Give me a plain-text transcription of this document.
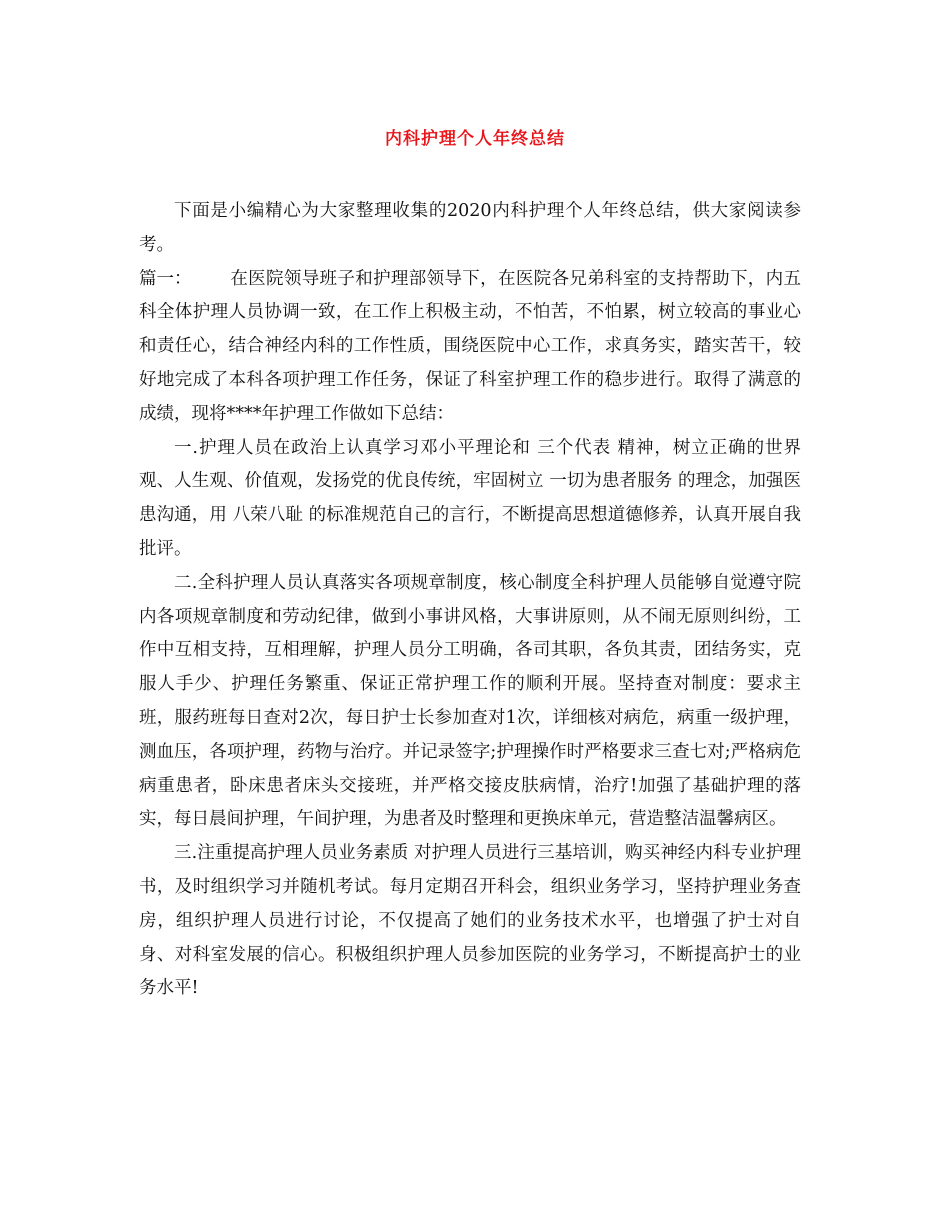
内科护理个人年终总结

下面是小编精心为大家整理收集的2020内科护理个人年终总结，供大家阅读参考。

篇一： 在医院领导班子和护理部领导下，在医院各兄弟科室的支持帮助下，内五科全体护理人员协调一致，在工作上积极主动，不怕苦，不怕累，树立较高的事业心和责任心，结合神经内科的工作性质，围绕医院中心工作，求真务实，踏实苦干，较好地完成了本科各项护理工作任务，保证了科室护理工作的稳步进行。取得了满意的成绩，现将****年护理工作做如下总结：

一.护理人员在政治上认真学习邓小平理论和 三个代表 精神，树立正确的世界观、人生观、价值观，发扬党的优良传统，牢固树立 一切为患者服务 的理念，加强医患沟通，用 八荣八耻 的标准规范自己的言行，不断提高思想道德修养，认真开展自我批评。

二.全科护理人员认真落实各项规章制度，核心制度全科护理人员能够自觉遵守院内各项规章制度和劳动纪律，做到小事讲风格，大事讲原则，从不闹无原则纠纷，工作中互相支持，互相理解，护理人员分工明确，各司其职，各负其责，团结务实，克服人手少、护理任务繁重、保证正常护理工作的顺利开展。坚持查对制度：要求主班，服药班每日查对2次，每日护士长参加查对1次，详细核对病危，病重一级护理，测血压，各项护理，药物与治疗。并记录签字;护理操作时严格要求三查七对;严格病危病重患者，卧床患者床头交接班，并严格交接皮肤病情，治疗!加强了基础护理的落实，每日晨间护理，午间护理，为患者及时整理和更换床单元，营造整洁温馨病区。

三.注重提高护理人员业务素质 对护理人员进行三基培训，购买神经内科专业护理书，及时组织学习并随机考试。每月定期召开科会，组织业务学习，坚持护理业务查房，组织护理人员进行讨论，不仅提高了她们的业务技术水平，也增强了护士对自身、对科室发展的信心。积极组织护理人员参加医院的业务学习，不断提高护士的业务水平!
